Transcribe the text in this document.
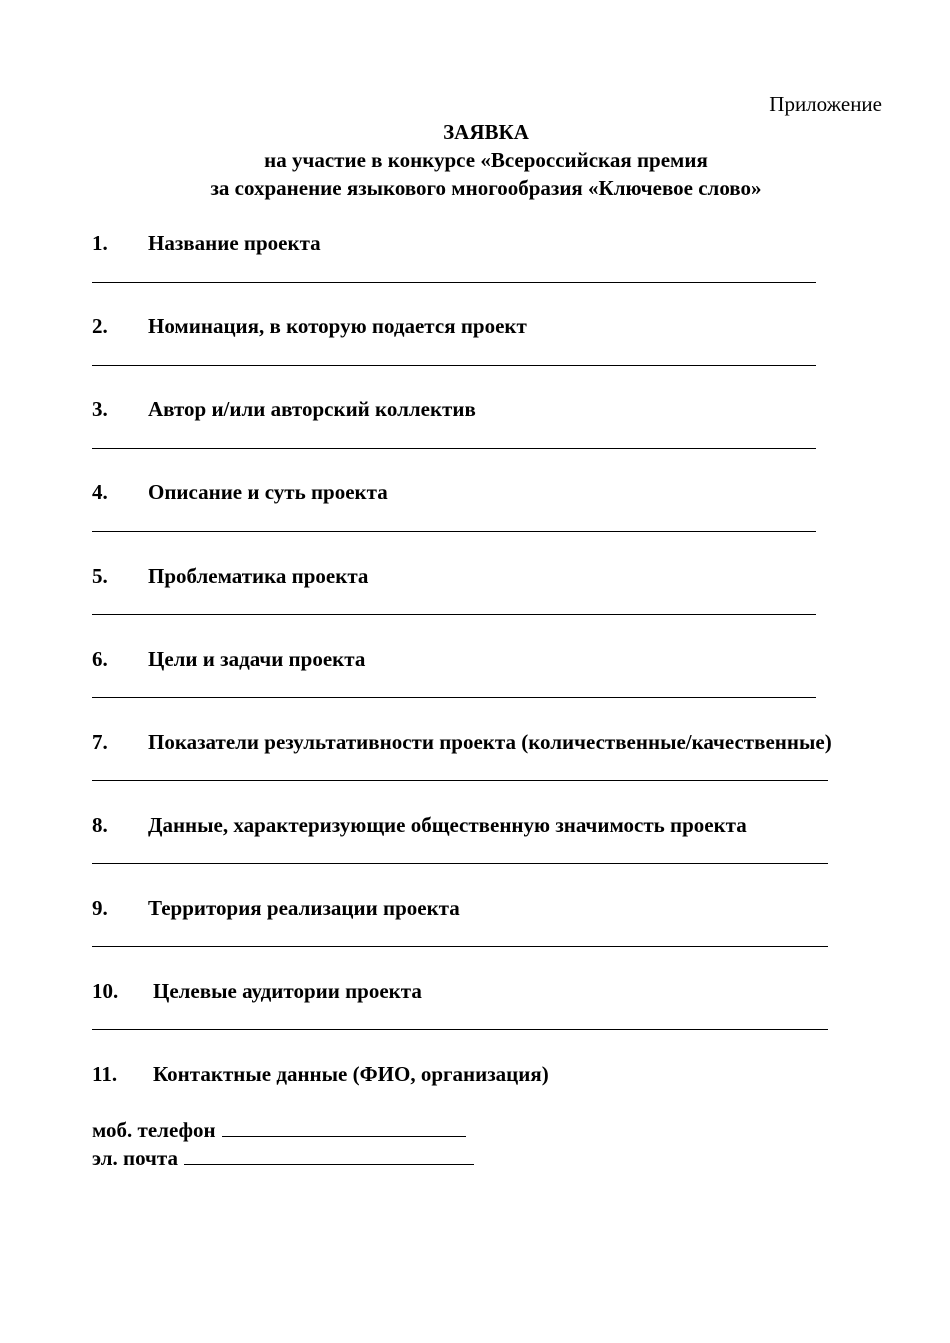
Приложение
ЗАЯВКА
на участие в конкурсе «Всероссийская премия
за сохранение языкового многообразия «Ключевое слово»
1. Название проекта
2. Номинация, в которую подается проект
3. Автор и/или авторский коллектив
4. Описание и суть проекта
5. Проблематика проекта
6. Цели и задачи проекта
7. Показатели результативности проекта (количественные/качественные)
8. Данные, характеризующие общественную значимость проекта
9. Территория реализации проекта
10. Целевые аудитории проекта
11. Контактные данные (ФИО, организация)
моб. телефон
эл. почта
